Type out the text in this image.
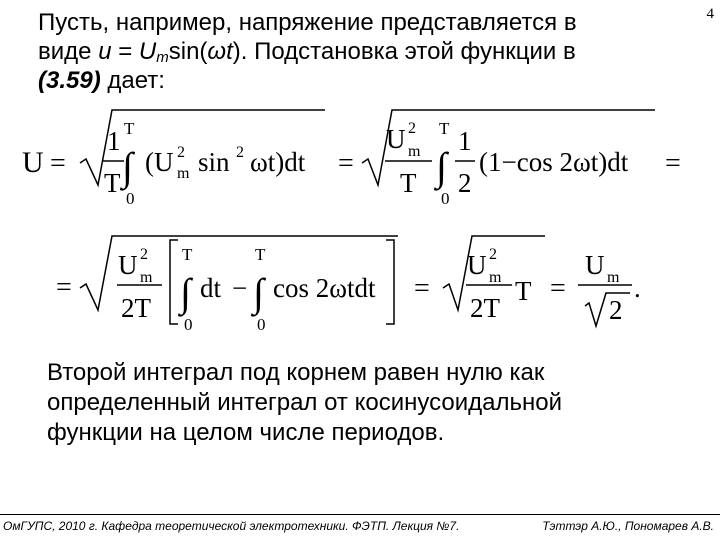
4
Пусть, например, напряжение представляется в
виде $u = U_m\sin(\omega t)$. Подстановка этой функции в
(3.59) дает:
U =
1
T ∫
T
0
( U m
2 sin 2 ωt)dt =
U m
2
T ∫
T
0
1
2
(1−cos 2ωt)dt =
=
U m
2
2T ∫
T
0
dt − ∫
T
0
cos 2ωtdt =
U m
2
2T
T =
U m
2
.
Второй интеграл под корнем равен нулю как
определенный интеграл от косинусоидальной
функции на целом числе периодов.
ОмГУПС, 2010 г. Кафедра теоретической электротехники. ФЭТП. Лекция №7.	Тэттэр А.Ю., Пономарев А.В.
